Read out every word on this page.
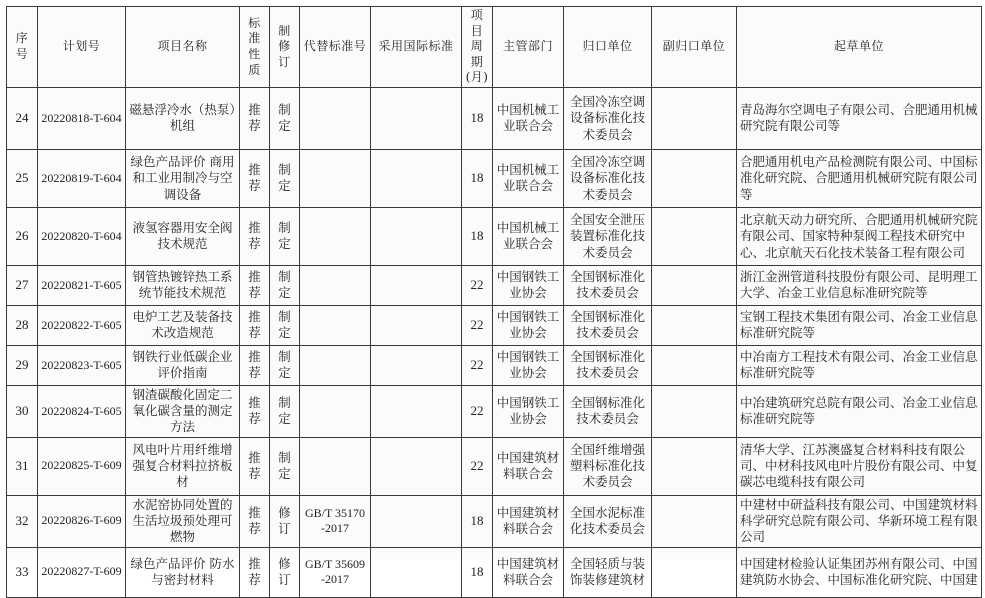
序号	计划号	项目名称	标准性质	制修订	代替标准号	采用国际标准	项目周期(月)	主管部门	归口单位	副归口单位	起草单位
24	20220818-T-604	磁悬浮冷水（热泵）机组	推荐	制定			18	中国机械工业联合会	全国冷冻空调设备标准化技术委员会		青岛海尔空调电子有限公司、合肥通用机械研究院有限公司等
25	20220819-T-604	绿色产品评价 商用和工业用制冷与空调设备	推荐	制定			18	中国机械工业联合会	全国冷冻空调设备标准化技术委员会		合肥通用机电产品检测院有限公司、中国标准化研究院、合肥通用机械研究院有限公司等
26	20220820-T-604	液氢容器用安全阀技术规范	推荐	制定			18	中国机械工业联合会	全国安全泄压装置标准化技术委员会		北京航天动力研究所、合肥通用机械研究院有限公司、国家特种泵阀工程技术研究中心、北京航天石化技术装备工程有限公司
27	20220821-T-605	钢管热镀锌热工系统节能技术规范	推荐	制定			22	中国钢铁工业协会	全国钢标准化技术委员会		浙江金洲管道科技股份有限公司、昆明理工大学、冶金工业信息标准研究院等
28	20220822-T-605	电炉工艺及装备技术改造规范	推荐	制定			22	中国钢铁工业协会	全国钢标准化技术委员会		宝钢工程技术集团有限公司、冶金工业信息标准研究院等
29	20220823-T-605	钢铁行业低碳企业评价指南	推荐	制定			22	中国钢铁工业协会	全国钢标准化技术委员会		中冶南方工程技术有限公司、冶金工业信息标准研究院等
30	20220824-T-605	钢渣碳酸化固定二氧化碳含量的测定方法	推荐	制定			22	中国钢铁工业协会	全国钢标准化技术委员会		中冶建筑研究总院有限公司、冶金工业信息标准研究院等
31	20220825-T-609	风电叶片用纤维增强复合材料拉挤板材	推荐	制定			22	中国建筑材料联合会	全国纤维增强塑料标准化技术委员会		清华大学、江苏澳盛复合材料科技有限公司、中材科技风电叶片股份有限公司、中复碳芯电缆科技有限公司
32	20220826-T-609	水泥窑协同处置的生活垃圾预处理可燃物	推荐	修订	GB/T 35170-2017		18	中国建筑材料联合会	全国水泥标准化技术委员会		中建材中研益科技有限公司、中国建筑材料科学研究总院有限公司、华新环境工程有限公司
33	20220827-T-609	绿色产品评价 防水与密封材料	推荐	修订	GB/T 35609-2017		18	中国建筑材料联合会	全国轻质与装饰装修建筑材		中国建材检验认证集团苏州有限公司、中国建筑防水协会、中国标准化研究院、中国建
